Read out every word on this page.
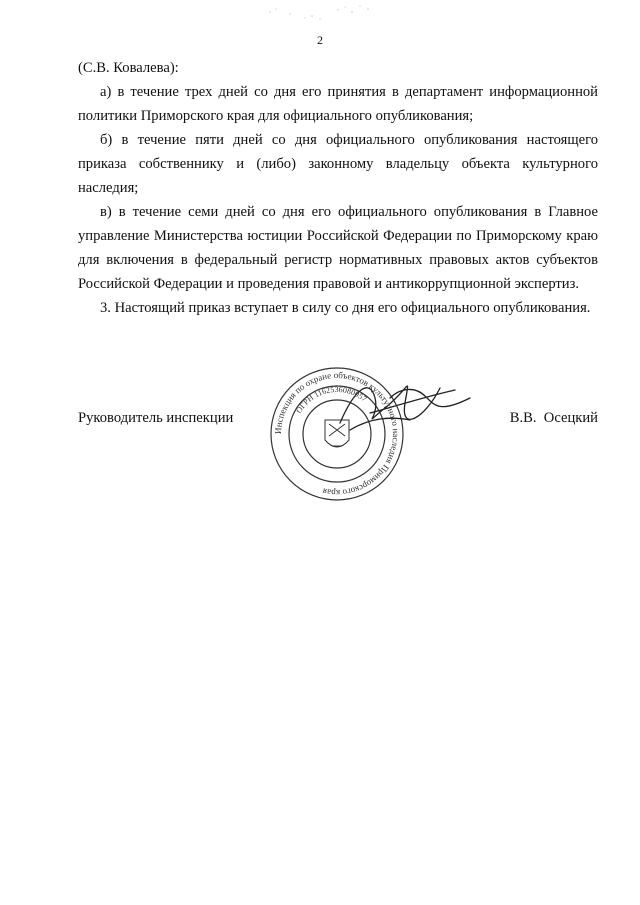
2

(С.В. Ковалева):

а) в течение трех дней со дня его принятия в департамент информационной политики Приморского края для официального опубликования;

б) в течение пяти дней со дня официального опубликования настоящего приказа собственнику и (либо) законному владельцу объекта культурного наследия;

в) в течение семи дней со дня его официального опубликования в Главное управление Министерства юстиции Российской Федерации по Приморскому краю для включения в федеральный регистр нормативных правовых актов субъектов Российской Федерации и проведения правовой и антикоррупционной экспертиз.

3. Настоящий приказ вступает в силу со дня его официального опубликования.

Инспекция по охране объектов культурного наследия Приморского края
ОГРН 1162536080057
Руководитель инспекции	В.В.  Осецкий
